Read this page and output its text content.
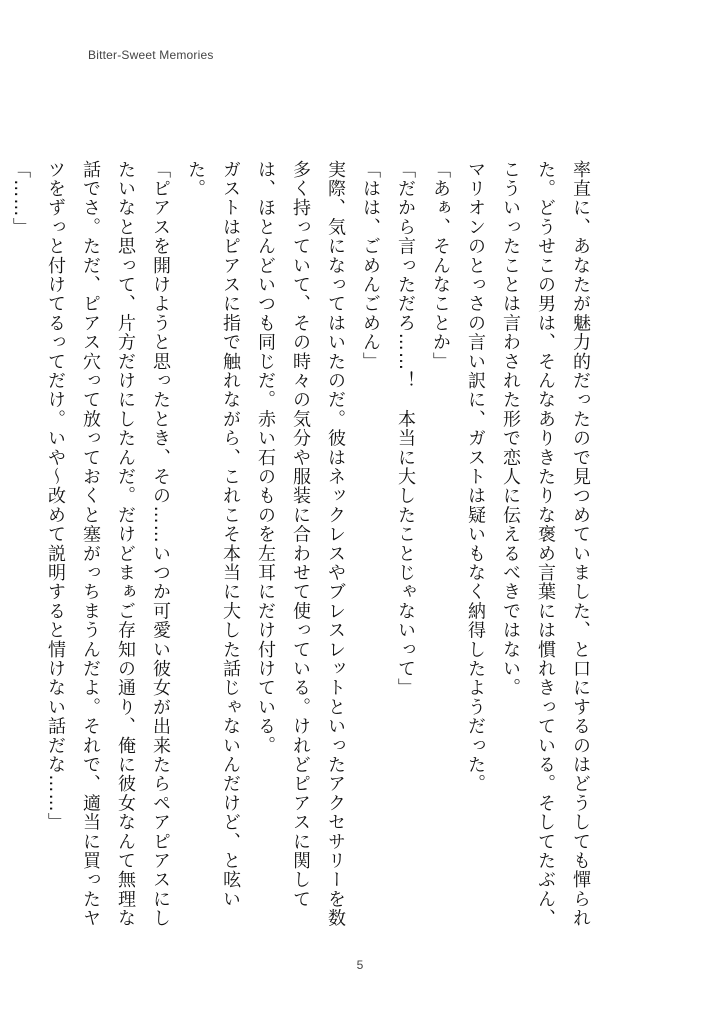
Bitter-Sweet Memories

率直に、あなたが魅力的だったので見つめていました、と口にするのはどうしても憚られた。どうせこの男は、そんなありきたりな褒め言葉には慣れきっている。そしてたぶん、こういったことは言わされた形で恋人に伝えるべきではない。

マリオンのとっさの言い訳に、ガストは疑いもなく納得したようだった。

「あぁ、そんなことか」

「だから言っただろ……！　本当に大したことじゃないって」

「はは、ごめんごめん」

実際、気になってはいたのだ。彼はネックレスやブレスレットといったアクセサリーを数多く持っていて、その時々の気分や服装に合わせて使っている。けれどピアスに関しては、ほとんどいつも同じだ。赤い石のものを左耳にだけ付けている。

ガストはピアスに指で触れながら、これこそ本当に大した話じゃないんだけど、と呟いた。

「ピアスを開けようと思ったとき、その……いつか可愛い彼女が出来たらペアピアスにしたいなと思って、片方だけにしたんだ。だけどまぁご存知の通り、俺に彼女なんて無理な話でさ。ただ、ピアス穴って放っておくと塞がっちまうんだよ。それで、適当に買ったヤツをずっと付けてるってだけ。いや～改めて説明すると情けない話だな……」

「……」

5
